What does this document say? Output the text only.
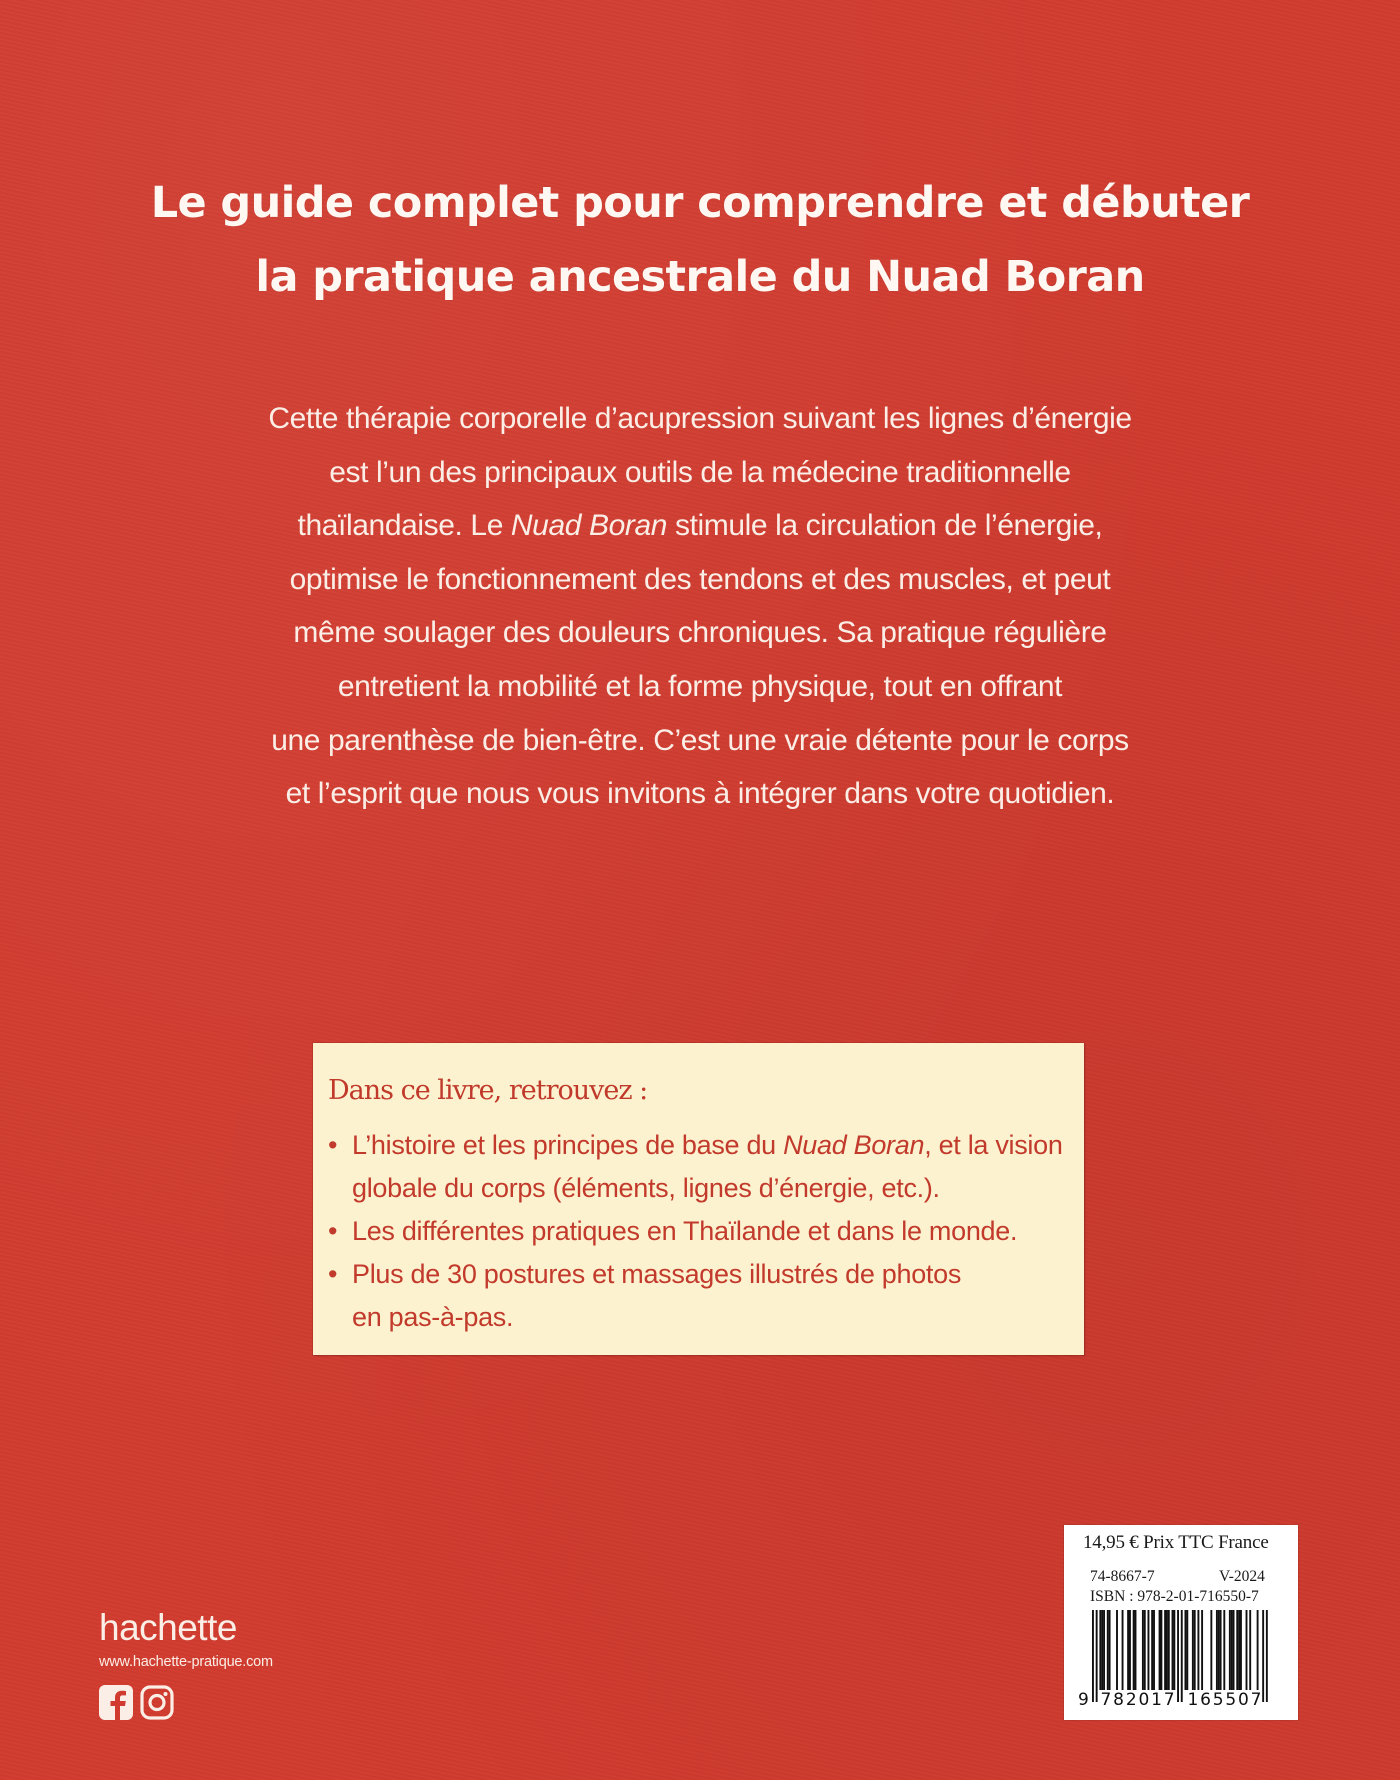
Le guide complet pour comprendre et débuter
la pratique ancestrale du Nuad Boran
Cette thérapie corporelle d’acupression suivant les lignes d’énergie
est l’un des principaux outils de la médecine traditionnelle
thaïlandaise. Le Nuad Boran stimule la circulation de l’énergie,
optimise le fonctionnement des tendons et des muscles, et peut
même soulager des douleurs chroniques. Sa pratique régulière
entretient la mobilité et la forme physique, tout en offrant
une parenthèse de bien-être. C’est une vraie détente pour le corps
et l’esprit que nous vous invitons à intégrer dans votre quotidien.
Dans ce livre, retrouvez :
• L’histoire et les principes de base du Nuad Boran, et la vision
globale du corps (éléments, lignes d’énergie, etc.).
• Les différentes pratiques en Thaïlande et dans le monde.
• Plus de 30 postures et massages illustrés de photos
en pas-à-pas.
hachette
www.hachette-pratique.com
14,95 € Prix TTC France
74-8667-7	V-2024
ISBN : 978-2-01-716550-7
9 782017 165507
